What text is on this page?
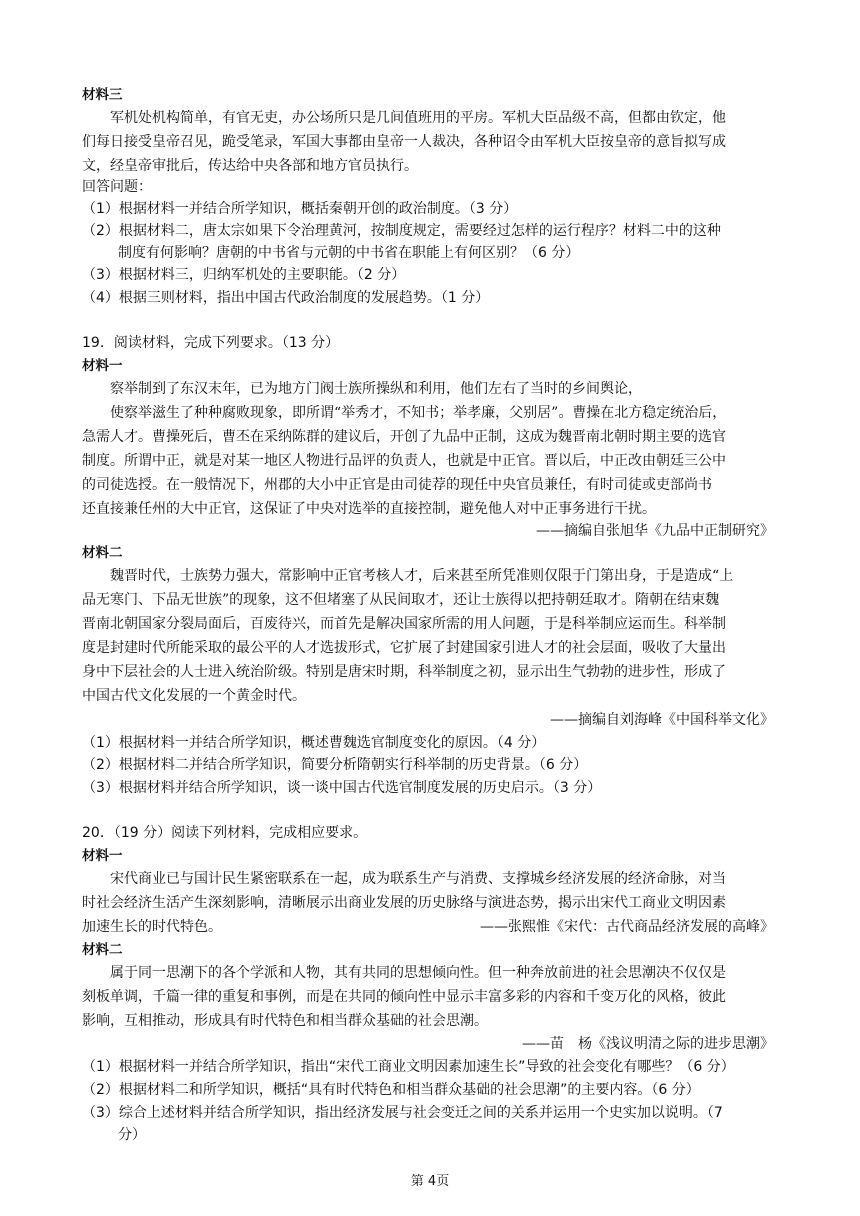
材料三
军机处机构简单，有官无吏，办公场所只是几间值班用的平房。军机大臣品级不高，但都由钦定，他
们每日接受皇帝召见，跪受笔录，军国大事都由皇帝一人裁决，各种诏令由军机大臣按皇帝的意旨拟写成
文，经皇帝审批后，传达给中央各部和地方官员执行。
回答问题：
（1）根据材料一并结合所学知识，概括秦朝开创的政治制度。（3 分）
（2）根据材料二，唐太宗如果下令治理黄河，按制度规定，需要经过怎样的运行程序？材料二中的这种
制度有何影响？唐朝的中书省与元朝的中书省在职能上有何区别？（6 分）
（3）根据材料三，归纳军机处的主要职能。（2 分）
（4）根据三则材料，指出中国古代政治制度的发展趋势。（1 分）
19．阅读材料，完成下列要求。（13 分）
材料一
察举制到了东汉末年，已为地方门阀士族所操纵和利用，他们左右了当时的乡间舆论，
使察举滋生了种种腐败现象，即所谓“举秀才，不知书；举孝廉，父别居”。曹操在北方稳定统治后，
急需人才。曹操死后，曹丕在采纳陈群的建议后，开创了九品中正制，这成为魏晋南北朝时期主要的选官
制度。所谓中正，就是对某一地区人物进行品评的负责人，也就是中正官。晋以后，中正改由朝廷三公中
的司徒选授。在一般情况下，州郡的大小中正官是由司徒荐的现任中央官员兼任，有时司徒或吏部尚书
还直接兼任州的大中正官，这保证了中央对选举的直接控制，避免他人对中正事务进行干扰。
——摘编自张旭华《九品中正制研究》
材料二
魏晋时代，士族势力强大，常影响中正官考核人才，后来甚至所凭准则仅限于门第出身，于是造成“上
品无寒门、下品无世族”的现象，这不但堵塞了从民间取才，还让士族得以把持朝廷取才。隋朝在结束魏
晋南北朝国家分裂局面后，百废待兴，而首先是解决国家所需的用人问题，于是科举制应运而生。科举制
度是封建时代所能采取的最公平的人才选拔形式，它扩展了封建国家引进人才的社会层面，吸收了大量出
身中下层社会的人士进入统治阶级。特别是唐宋时期，科举制度之初，显示出生气勃勃的进步性，形成了
中国古代文化发展的一个黄金时代。
——摘编自刘海峰《中国科举文化》
（1）根据材料一并结合所学知识，概述曹魏选官制度变化的原因。（4 分）
（2）根据材料二并结合所学知识，简要分析隋朝实行科举制的历史背景。（6 分）
（3）根据材料并结合所学知识，谈一谈中国古代选官制度发展的历史启示。（3 分）
20．（19 分）阅读下列材料，完成相应要求。
材料一
宋代商业已与国计民生紧密联系在一起，成为联系生产与消费、支撑城乡经济发展的经济命脉，对当
时社会经济生活产生深刻影响，清晰展示出商业发展的历史脉络与演进态势，揭示出宋代工商业文明因素
加速生长的时代特色。	——张熙惟《宋代：古代商品经济发展的高峰》
材料二
属于同一思潮下的各个学派和人物，其有共同的思想倾向性。但一种奔放前进的社会思潮决不仅仅是
刻板单调，千篇一律的重复和事例，而是在共同的倾向性中显示丰富多彩的内容和千变万化的风格，彼此
影响，互相推动，形成具有时代特色和相当群众基础的社会思潮。
——苗　杨《浅议明清之际的进步思潮》
（1）根据材料一并结合所学知识，指出“宋代工商业文明因素加速生长”导致的社会变化有哪些？（6 分）
（2）根据材料二和所学知识，概括“具有时代特色和相当群众基础的社会思潮”的主要内容。（6 分）
（3）综合上述材料并结合所学知识，指出经济发展与社会变迁之间的关系并运用一个史实加以说明。（7
分）
第 4页
